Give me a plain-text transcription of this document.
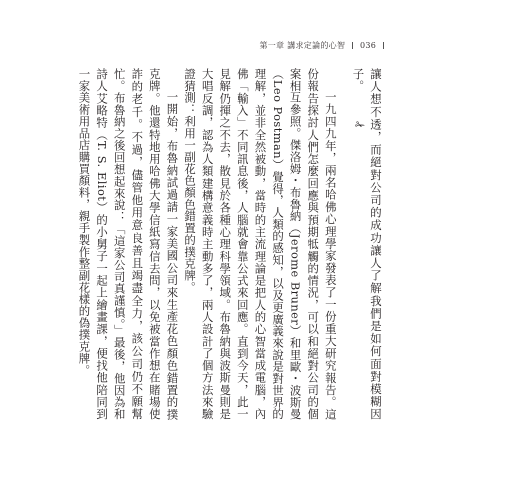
第一章 講求定論的心智 036
✁ 讓人想不透，而絕對公司的成功讓人了解我們是如何面對模糊因子。

一九四九年，兩名哈佛心理學家發表了一份重大研究報告。這份報告探討人們怎麼回應與預期牴觸的情況，可以和絕對公司的個案相互參照。傑洛姆・布魯納（Jerome Bruner）和里歐・波斯曼（Leo Postman）覺得，人類的感知，以及更廣義來說是對世界的理解，並非全然被動，當時的主流理論是把人的心智當成電腦，內佛「輸入」不同訊息後，人腦就會靠公式來回應。直到今天，此一見解仍揮之不去，散見於各種心理科學領域。布魯納與波斯曼則是大唱反調，認為人類建構意義時主動多了，兩人設計了個方法來驗證猜測：利用一副花色顏色錯置的撲克牌。

一開始，布魯納試過請一家美國公司來生產花色顏色錯置的撲克牌。他還特地用哈佛大學信紙寫信去問，以免被當作想在賭場使詐的老千。不過，儘管他用意良善且竭盡全力，該公司仍不願幫忙。布魯納之後回想起來說：「這家公司真謹慎。」最後，他因為和詩人艾略特（T. S. Eliot）的小舅子一起上繪畫課，便找他陪同到一家美術用品店購買顏料，親手製作整副花樣的偽撲克牌。
